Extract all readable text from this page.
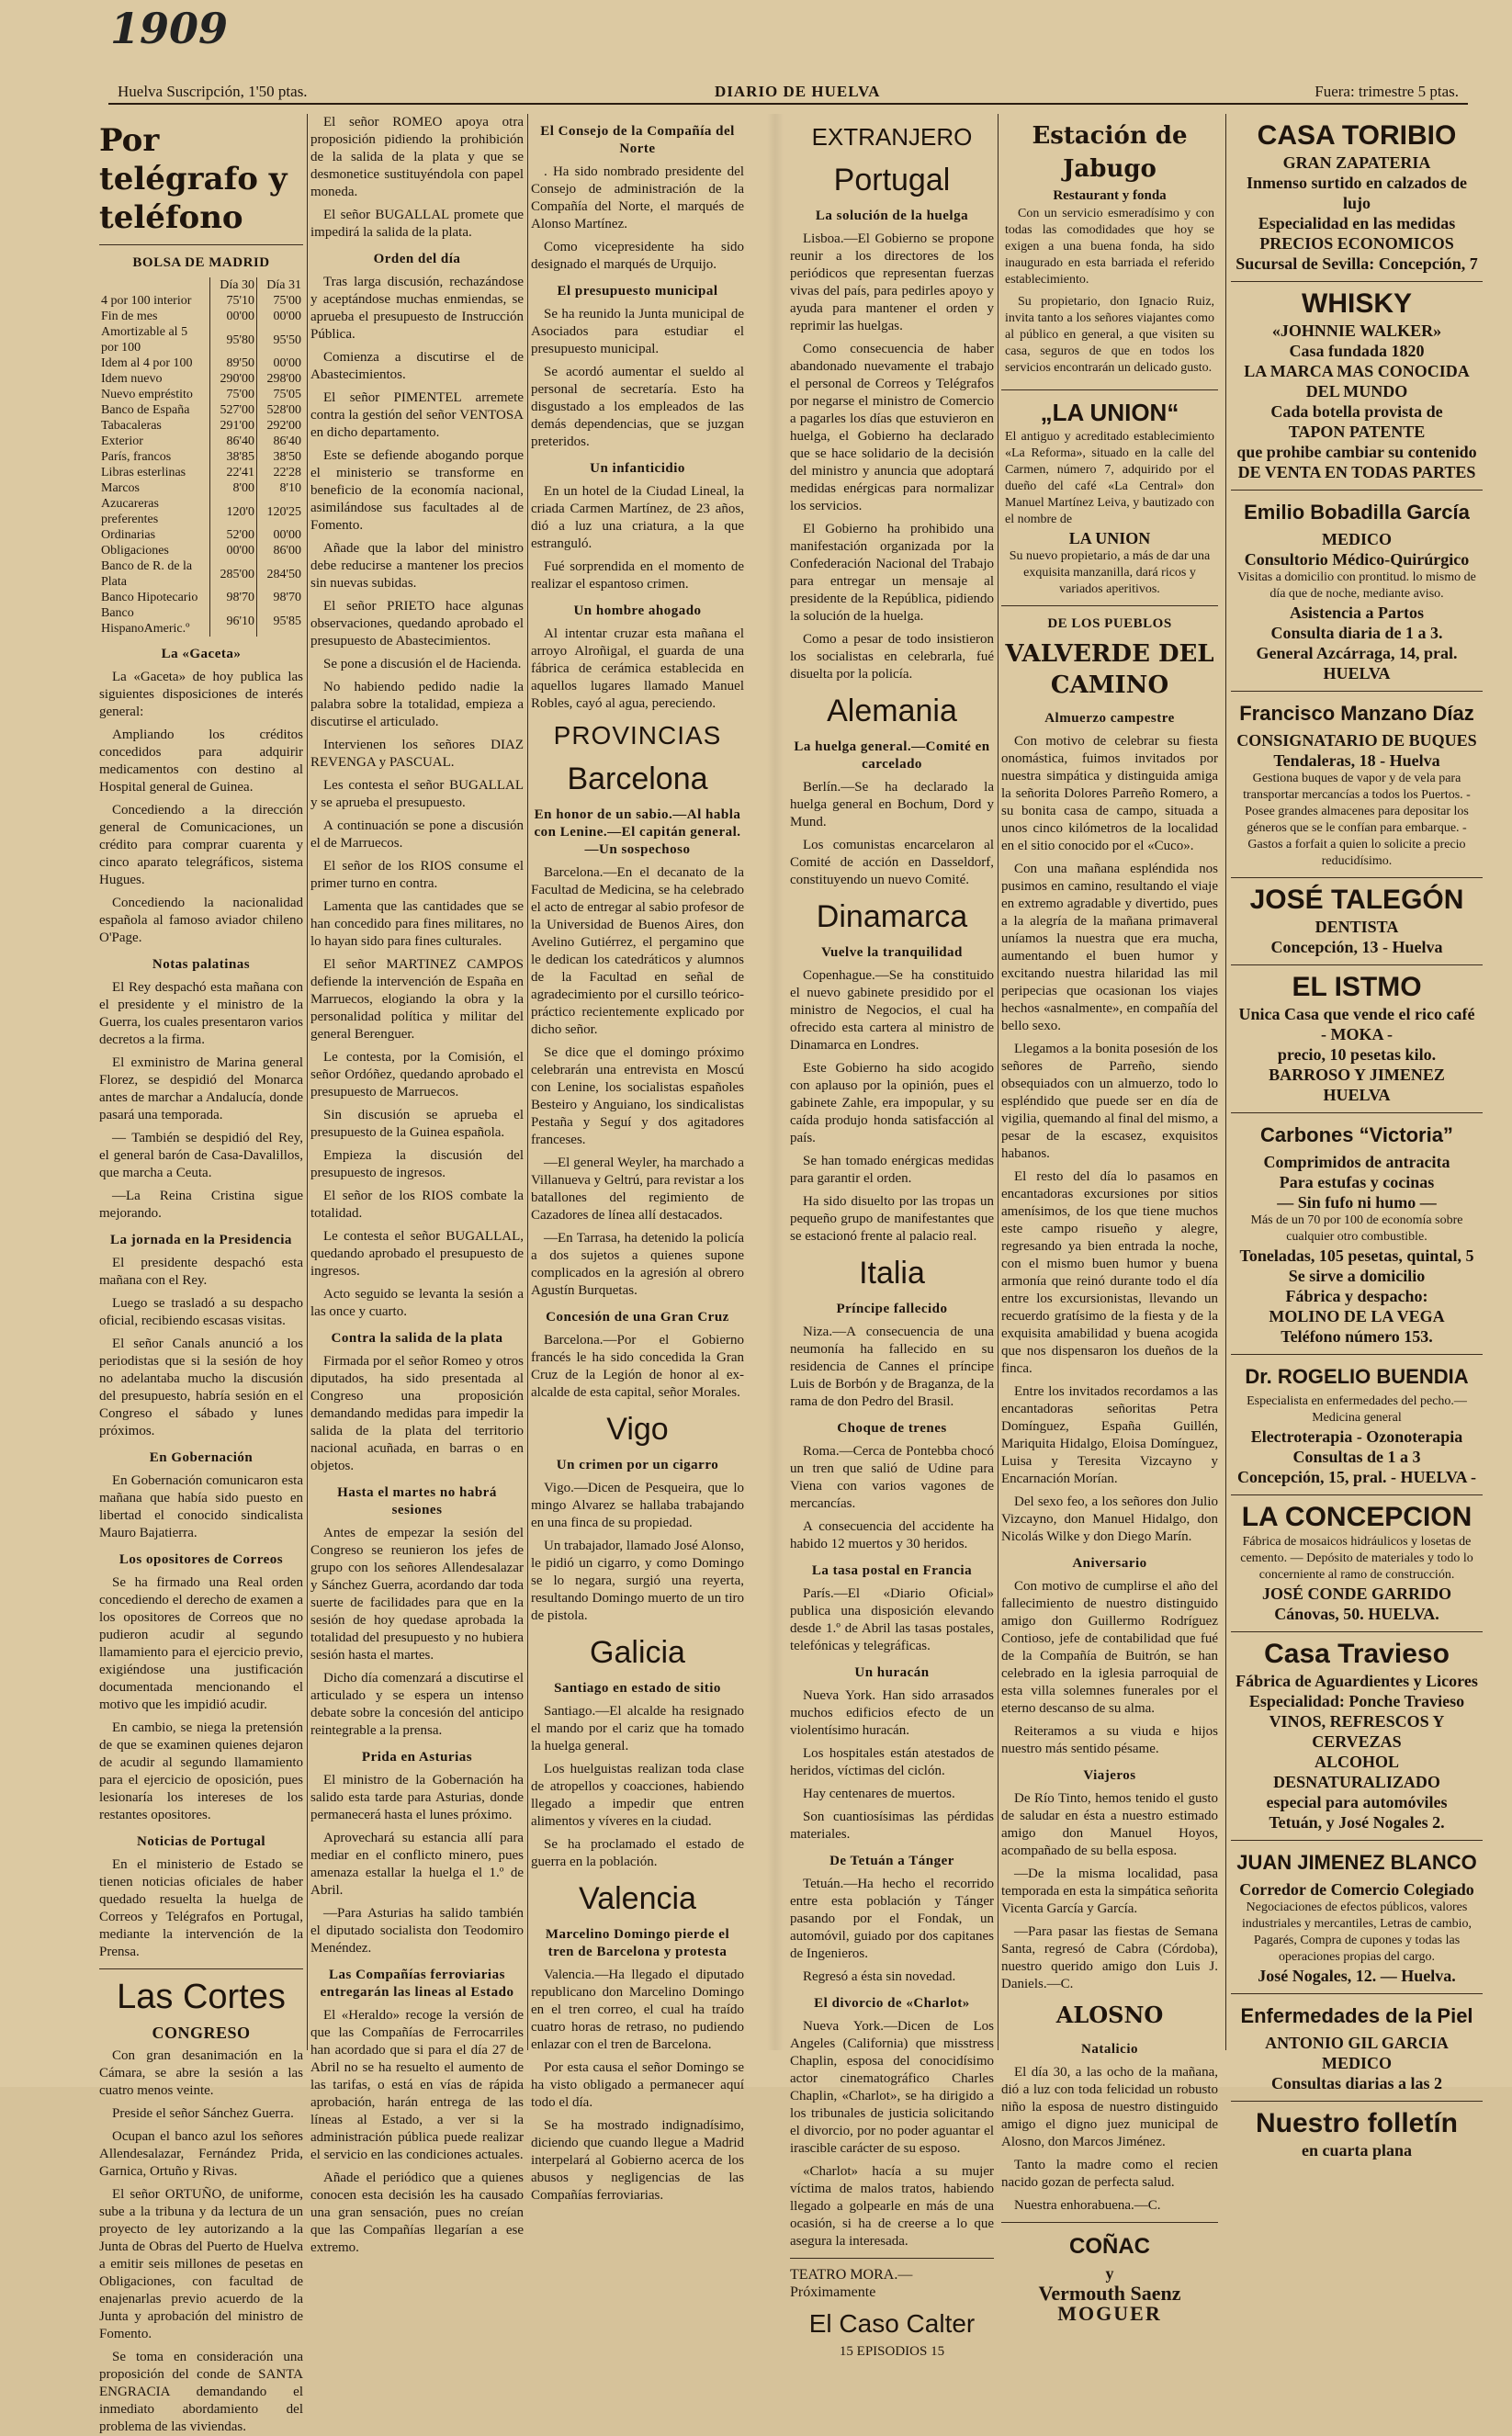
1909
Huelva Suscripción, 1'50 ptas.	DIARIO DE HUELVA	Fuera: trimestre 5 ptas.
Por telégrafo y teléfono
BOLSA DE MADRID
	Día 30	Día 31
4 por 100 interior	75'10	75'00
Fin de mes	00'00	00'00
Amortizable al 5 por 100	95'80	95'50
Idem al 4 por 100	89'50	00'00
Idem nuevo	290'00	298'00
Nuevo empréstito	75'00	75'05
Banco de España	527'00	528'00
Tabacaleras	291'00	292'00
Exterior	86'40	86'40
París, francos	38'85	38'50
Libras esterlinas	22'41	22'28
Marcos	8'00	8'10
Azucareras preferentes	120'0	120'25
Ordinarias	52'00	00'00
Obligaciones	00'00	86'00
Banco de R. de la Plata	285'00	284'50
Banco Hipotecario	98'70	98'70
Banco HispanoAmeric.º	96'10	95'85
La «Gaceta»

La «Gaceta» de hoy publica las siguientes disposiciones de interés general:

Ampliando los créditos concedidos para adquirir medicamentos con destino al Hospital general de Guinea.

Concediendo a la dirección general de Comunicaciones, un crédito para comprar cuarenta y cinco aparato telegráficos, sistema Hugues.

Concediendo la nacionalidad española al famoso aviador chileno O'Page.

Notas palatinas

El Rey despachó esta mañana con el presidente y el ministro de la Guerra, los cuales presentaron varios decretos a la firma.

El exministro de Marina general Florez, se despidió del Monarca antes de marchar a Andalucía, donde pasará una temporada.

— También se despidió del Rey, el general barón de Casa-Davalillos, que marcha a Ceuta.

—La Reina Cristina sigue mejorando.

La jornada en la Presidencia

El presidente despachó esta mañana con el Rey.

Luego se trasladó a su despacho oficial, recibiendo escasas visitas.

El señor Canals anunció a los periodistas que si la sesión de hoy no adelantaba mucho la discusión del presupuesto, habría sesión en el Congreso el sábado y lunes próximos.

En Gobernación

En Gobernación comunicaron esta mañana que había sido puesto en libertad el conocido sindicalista Mauro Bajatierra.

Los opositores de Correos

Se ha firmado una Real orden concediendo el derecho de examen a los opositores de Correos que no pudieron acudir al segundo llamamiento para el ejercicio previo, exigiéndose una justificación documentada mencionando el motivo que les impidió acudir.

En cambio, se niega la pretensión de que se examinen quienes dejaron de acudir al segundo llamamiento para el ejercicio de oposición, pues lesionaría los intereses de los restantes opositores.

Noticias de Portugal

En el ministerio de Estado se tienen noticias oficiales de haber quedado resuelta la huelga de Correos y Telégrafos en Portugal, mediante la intervención de la Prensa.

Las Cortes
CONGRESO

Con gran desanimación en la Cámara, se abre la sesión a las cuatro menos veinte.

Preside el señor Sánchez Guerra.

Ocupan el banco azul los señores Allendesalazar, Fernández Prida, Garnica, Ortuño y Rivas.

El señor ORTUÑO, de uniforme, sube a la tribuna y da lectura de un proyecto de ley autorizando a la Junta de Obras del Puerto de Huelva a emitir seis millones de pesetas en Obligaciones, con facultad de enajenarlas previo acuerdo de la Junta y aprobación del ministro de Fomento.

Se toma en consideración una proposición del conde de SANTA ENGRACIA demandando el inmediato abordamiento del problema de las viviendas.

El señor ROMEO apoya otra proposición pidiendo la prohibición de la salida de la plata y que se desmonetice sustituyéndola con papel moneda.

El señor BUGALLAL promete que impedirá la salida de la plata.

Orden del día

Tras larga discusión, rechazándose y aceptándose muchas enmiendas, se aprueba el presupuesto de Instrucción Pública.

Comienza a discutirse el de Abastecimientos.

El señor PIMENTEL arremete contra la gestión del señor VENTOSA en dicho departamento.

Este se defiende abogando porque el ministerio se transforme en beneficio de la economía nacional, asimilándose sus facultades al de Fomento.

Añade que la labor del ministro debe reducirse a mantener los precios sin nuevas subidas.

El señor PRIETO hace algunas observaciones, quedando aprobado el presupuesto de Abastecimientos.

Se pone a discusión el de Hacienda.

No habiendo pedido nadie la palabra sobre la totalidad, empieza a discutirse el articulado.

Intervienen los señores DIAZ REVENGA y PASCUAL.

Les contesta el señor BUGALLAL y se aprueba el presupuesto.

A continuación se pone a discusión el de Marruecos.

El señor de los RIOS consume el primer turno en contra.

Lamenta que las cantidades que se han concedido para fines militares, no lo hayan sido para fines culturales.

El señor MARTINEZ CAMPOS defiende la intervención de España en Marruecos, elogiando la obra y la personalidad política y militar del general Berenguer.

Le contesta, por la Comisión, el señor Ordóñez, quedando aprobado el presupuesto de Marruecos.

Sin discusión se aprueba el presupuesto de la Guinea española.

Empieza la discusión del presupuesto de ingresos.

El señor de los RIOS combate la totalidad.

Le contesta el señor BUGALLAL, quedando aprobado el presupuesto de ingresos.

Acto seguido se levanta la sesión a las once y cuarto.

Contra la salida de la plata

Firmada por el señor Romeo y otros diputados, ha sido presentada al Congreso una proposición demandando medidas para impedir la salida de la plata del territorio nacional acuñada, en barras o en objetos.

Hasta el martes no habrá sesiones

Antes de empezar la sesión del Congreso se reunieron los jefes de grupo con los señores Allendesalazar y Sánchez Guerra, acordando dar toda suerte de facilidades para que en la sesión de hoy quedase aprobada la totalidad del presupuesto y no hubiera sesión hasta el martes.

Dicho día comenzará a discutirse el articulado y se espera un intenso debate sobre la concesión del anticipo reintegrable a la prensa.

Prida en Asturias

El ministro de la Gobernación ha salido esta tarde para Asturias, donde permanecerá hasta el lunes próximo.

Aprovechará su estancia allí para mediar en el conflicto minero, pues amenaza estallar la huelga el 1.º de Abril.

—Para Asturias ha salido también el diputado socialista don Teodomiro Menéndez.

Las Compañías ferroviarias entregarán las lineas al Estado

El «Heraldo» recoge la versión de que las Compañías de Ferrocarriles han acordado que si para el día 27 de Abril no se ha resuelto el aumento de las tarifas, o está en vías de rápida aprobación, harán entrega de las líneas al Estado, a ver si la administración pública puede realizar el servicio en las condiciones actuales.

Añade el periódico que a quienes conocen esta decisión les ha causado una gran sensación, pues no creían que las Compañías llegarían a ese extremo.

El Consejo de la Compañía del Norte

. Ha sido nombrado presidente del Consejo de administración de la Compañía del Norte, el marqués de Alonso Martínez.

Como vicepresidente ha sido designado el marqués de Urquijo.

El presupuesto municipal

Se ha reunido la Junta municipal de Asociados para estudiar el presupuesto municipal.

Se acordó aumentar el sueldo al personal de secretaría. Esto ha disgustado a los empleados de las demás dependencias, que se juzgan preteridos.

Un infanticidio

En un hotel de la Ciudad Lineal, la criada Carmen Martínez, de 23 años, dió a luz una criatura, a la que estranguló.

Fué sorprendida en el momento de realizar el espantoso crimen.

Un hombre ahogado

Al intentar cruzar esta mañana el arroyo Alroñigal, el guarda de una fábrica de cerámica establecida en aquellos lugares llamado Manuel Robles, cayó al agua, pereciendo.

PROVINCIAS
Barcelona
En honor de un sabio.—Al habla con Lenine.—El capitán general.—Un sospechoso

Barcelona.—En el decanato de la Facultad de Medicina, se ha celebrado el acto de entregar al sabio profesor de la Universidad de Buenos Aires, don Avelino Gutiérrez, el pergamino que le dedican los catedráticos y alumnos de la Facultad en señal de agradecimiento por el cursillo teórico-práctico recientemente explicado por dicho señor.

Se dice que el domingo próximo celebrarán una entrevista en Moscú con Lenine, los socialistas españoles Besteiro y Anguiano, los sindicalistas Pestaña y Seguí y dos agitadores franceses.

—El general Weyler, ha marchado a Villanueva y Geltrú, para revistar a los batallones del regimiento de Cazadores de línea allí destacados.

—En Tarrasa, ha detenido la policía a dos sujetos a quienes supone complicados en la agresión al obrero Agustín Burquetas.

Concesión de una Gran Cruz

Barcelona.—Por el Gobierno francés le ha sido concedida la Gran Cruz de la Legión de honor al ex-alcalde de esta capital, señor Morales.

Vigo
Un crimen por un cigarro

Vigo.—Dicen de Pesqueira, que lo mingo Alvarez se hallaba trabajando en una finca de su propiedad.

Un trabajador, llamado José Alonso, le pidió un cigarro, y como Domingo se lo negara, surgió una reyerta, resultando Domingo muerto de un tiro de pistola.

Galicia
Santiago en estado de sitio

Santiago.—El alcalde ha resignado el mando por el cariz que ha tomado la huelga general.

Los huelguistas realizan toda clase de atropellos y coacciones, habiendo llegado a impedir que entren alimentos y víveres en la ciudad.

Se ha proclamado el estado de guerra en la población.

Valencia
Marcelino Domingo pierde el tren de Barcelona y protesta

Valencia.—Ha llegado el diputado republicano don Marcelino Domingo en el tren correo, el cual ha traído cuatro horas de retraso, no pudiendo enlazar con el tren de Barcelona.

Por esta causa el señor Domingo se ha visto obligado a permanecer aquí todo el día.

Se ha mostrado indignadísimo, diciendo que cuando llegue a Madrid interpelará al Gobierno acerca de los abusos y negligencias de las Compañías ferroviarias.

EXTRANJERO
Portugal
La solución de la huelga

Lisboa.—El Gobierno se propone reunir a los directores de los periódicos que representan fuerzas vivas del país, para pedirles apoyo y ayuda para mantener el orden y reprimir las huelgas.

Como consecuencia de haber abandonado nuevamente el trabajo el personal de Correos y Telégrafos por negarse el ministro de Comercio a pagarles los días que estuvieron en huelga, el Gobierno ha declarado que se hace solidario de la decisión del ministro y anuncia que adoptará medidas enérgicas para normalizar los servicios.

El Gobierno ha prohibido una manifestación organizada por la Confederación Nacional del Trabajo para entregar un mensaje al presidente de la República, pidiendo la solución de la huelga.

Como a pesar de todo insistieron los socialistas en celebrarla, fué disuelta por la policía.

Alemania
La huelga general.—Comité en carcelado

Berlín.—Se ha declarado la huelga general en Bochum, Dord y Mund.

Los comunistas encarcelaron al Comité de acción en Dasseldorf, constituyendo un nuevo Comité.

Dinamarca
Vuelve la tranquilidad

Copenhague.—Se ha constituido el nuevo gabinete presidido por el ministro de Negocios, el cual ha ofrecido esta cartera al ministro de Dinamarca en Londres.

Este Gobierno ha sido acogido con aplauso por la opinión, pues el gabinete Zahle, era impopular, y su caída produjo honda satisfacción al país.

Se han tomado enérgicas medidas para garantir el orden.

Ha sido disuelto por las tropas un pequeño grupo de manifestantes que se estacionó frente al palacio real.

Italia
Príncipe fallecido

Niza.—A consecuencia de una neumonía ha fallecido en su residencia de Cannes el príncipe Luis de Borbón y de Braganza, de la rama de don Pedro del Brasil.

Choque de trenes

Roma.—Cerca de Pontebba chocó un tren que salió de Udine para Viena con varios vagones de mercancías.

A consecuencia del accidente ha habido 12 muertos y 30 heridos.

La tasa postal en Francia

París.—El «Diario Oficial» publica una disposición elevando desde 1.º de Abril las tasas postales, telefónicas y telegráficas.

Un huracán

Nueva York. Han sido arrasados muchos edificios efecto de un violentísimo huracán.

Los hospitales están atestados de heridos, víctimas del ciclón.

Hay centenares de muertos.

Son cuantiosísimas las pérdidas materiales.

De Tetuán a Tánger

Tetuán.—Ha hecho el recorrido entre esta población y Tánger pasando por el Fondak, un automóvil, guiado por dos capitanes de Ingenieros.

Regresó a ésta sin novedad.

El divorcio de «Charlot»

Nueva York.—Dicen de Los Angeles (California) que misstress Chaplin, esposa del conocidísimo actor cinematográfico Charles Chaplin, «Charlot», se ha dirigido a los tribunales de justicia solicitando el divorcio, por no poder aguantar el irascible carácter de su esposo.

«Charlot» hacía a su mujer víctima de malos tratos, habiendo llegado a golpearle en más de una ocasión, si ha de creerse a lo que asegura la interesada.

TEATRO MORA.—Próximamente
El Caso Calter
15 EPISODIOS 15
Estación de Jabugo
Restaurant y fonda

Con un servicio esmeradísimo y con todas las comodidades que hoy se exigen a una buena fonda, ha sido inaugurado en esta barriada el referido establecimiento.

Su propietario, don Ignacio Ruiz, invita tanto a los señores viajantes como al público en general, a que visiten su casa, seguros de que en todos los servicios encontrarán un delicado gusto.

„LA UNION“
El antiguo y acreditado establecimiento «La Reforma», situado en la calle del Carmen, número 7, adquirido por el dueño del café «La Central» don Manuel Martínez Leiva, y bautizado con el nombre de
LA UNION
Su nuevo propietario, a más de dar una exquisita manzanilla, dará ricos y variados aperitivos.
DE LOS PUEBLOS
VALVERDE DEL CAMINO
Almuerzo campestre

Con motivo de celebrar su fiesta onomástica, fuimos invitados por nuestra simpática y distinguida amiga la señorita Dolores Parreño Romero, a su bonita casa de campo, situada a unos cinco kilómetros de la localidad en el sitio conocido por el «Cuco».

Con una mañana espléndida nos pusimos en camino, resultando el viaje en extremo agradable y divertido, pues a la alegría de la mañana primaveral uníamos la nuestra que era mucha, aumentando el buen humor y excitando nuestra hilaridad las mil peripecias que ocasionan los viajes hechos «asnalmente», en compañía del bello sexo.

Llegamos a la bonita posesión de los señores de Parreño, siendo obsequiados con un almuerzo, todo lo espléndido que puede ser en día de vigilia, quemando al final del mismo, a pesar de la escasez, exquisitos habanos.

El resto del día lo pasamos en encantadoras excursiones por sitios amenísimos, de los que tiene muchos este campo risueño y alegre, regresando ya bien entrada la noche, con el mismo buen humor y buena armonía que reinó durante todo el día entre los excursionistas, llevando un recuerdo gratísimo de la fiesta y de la exquisita amabilidad y buena acogida que nos dispensaron los dueños de la finca.

Entre los invitados recordamos a las encantadoras señoritas Petra Domínguez, España Guillén, Mariquita Hidalgo, Eloisa Domínguez, Luisa y Teresita Vizcayno y Encarnación Morían.

Del sexo feo, a los señores don Julio Vizcayno, don Manuel Hidalgo, don Nicolás Wilke y don Diego Marín.

Aniversario

Con motivo de cumplirse el año del fallecimiento de nuestro distinguido amigo don Guillermo Rodríguez Contioso, jefe de contabilidad que fué de la Compañía de Buitrón, se han celebrado en la iglesia parroquial de esta villa solemnes funerales por el eterno descanso de su alma.

Reiteramos a su viuda e hijos nuestro más sentido pésame.

Viajeros

De Río Tinto, hemos tenido el gusto de saludar en ésta a nuestro estimado amigo don Manuel Hoyos, acompañado de su bella esposa.

—De la misma localidad, pasa temporada en esta la simpática señorita Vicenta García y García.

—Para pasar las fiestas de Semana Santa, regresó de Cabra (Córdoba), nuestro querido amigo don Luis J. Daniels.—C.

ALOSNO
Natalicio

El día 30, a las ocho de la mañana, dió a luz con toda felicidad un robusto niño la esposa de nuestro distinguido amigo el digno juez municipal de Alosno, don Marcos Jiménez.

Tanto la madre como el recien nacido gozan de perfecta salud.

Nuestra enhorabuena.—C.

COÑAC
y
Vermouth Saenz
MOGUER
CASA TORIBIO
GRAN ZAPATERIA
Inmenso surtido en calzados de lujo
Especialidad en las medidas
PRECIOS ECONOMICOS
Sucursal de Sevilla: Concepción, 7
WHISKY
«JOHNNIE WALKER»
Casa fundada 1820
LA MARCA MAS CONOCIDA DEL MUNDO
Cada botella provista de
TAPON PATENTE
que prohibe cambiar su contenido
DE VENTA EN TODAS PARTES
Emilio Bobadilla García
MEDICO
Consultorio Médico-Quirúrgico
Visitas a domicilio con prontitud. lo mismo de día que de noche, mediante aviso.
Asistencia a Partos
Consulta diaria de 1 a 3.
General Azcárraga, 14, pral. HUELVA
Francisco Manzano Díaz
CONSIGNATARIO DE BUQUES
Tendaleras, 18 - Huelva
Gestiona buques de vapor y de vela para transportar mercancías a todos los Puertos. - Posee grandes almacenes para depositar los géneros que se le confían para embarque. - Gastos a forfait a quien lo solicite a precio reducidísimo.
JOSÉ TALEGÓN
DENTISTA
Concepción, 13 - Huelva
EL ISTMO
Unica Casa que vende el rico café
- MOKA -
precio, 10 pesetas kilo.
BARROSO Y JIMENEZ
HUELVA
Carbones “Victoria”
Comprimidos de antracita
Para estufas y cocinas
— Sin fufo ni humo —
Más de un 70 por 100 de economía sobre cualquier otro combustible.
Toneladas, 105 pesetas, quintal, 5
Se sirve a domicilio
Fábrica y despacho:
MOLINO DE LA VEGA
Teléfono número 153.
Dr. ROGELIO BUENDIA
Especialista en enfermedades del pecho.—Medicina general
Electroterapia - Ozonoterapia
Consultas de 1 a 3
Concepción, 15, pral. - HUELVA -
LA CONCEPCION
Fábrica de mosaicos hidráulicos y losetas de cemento. — Depósito de materiales y todo lo concerniente al ramo de construcción.
JOSÉ CONDE GARRIDO
Cánovas, 50. HUELVA.
Casa Travieso
Fábrica de Aguardientes y Licores
Especialidad: Ponche Travieso
VINOS, REFRESCOS Y CERVEZAS
ALCOHOL DESNATURALIZADO
especial para automóviles
Tetuán, y José Nogales 2.
JUAN JIMENEZ BLANCO
Corredor de Comercio Colegiado
Negociaciones de efectos públicos, valores industriales y mercantiles, Letras de cambio, Pagarés, Compra de cupones y todas las operaciones propias del cargo.
José Nogales, 12. — Huelva.
Enfermedades de la Piel
ANTONIO GIL GARCIA
MEDICO
Consultas diarias a las 2
Nuestro folletín
en cuarta plana
